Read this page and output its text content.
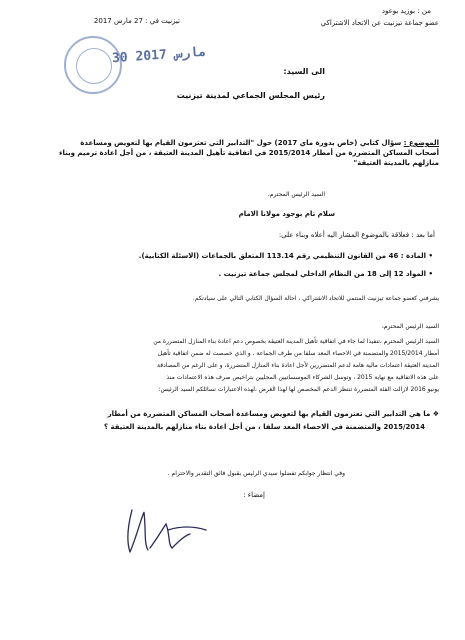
من : بوزيد بوعود
عضو جماعة تيزنيت عن الاتحاد الاشتراكي
تيزنيت في : 27 مارس 2017
30 مارس 2017
الى السيد:
رئيس المجلس الجماعي لمدينة تيزنيت
الموضوع : سؤال كتابي (خاص بدورة ماي 2017) حول "التدابير التي تعتزمون القيام بها لتعويض ومساعدة
أصحاب المساكن المتضررة من أمطار 2015/2014 في اتفاقية تأهيل المدينة العتيقة ، من أجل اعادة ترميم وبناء
منازلهم بالمدينة العتيقة"
السيد الرئيس المحترم،
سلام تام بوجود مولانا الامام
أما بعد : فعلاقة بالموضوع المشار اليه أعلاه وبناء على:
• المادة : 46 من القانون التنظيمي رقم 113.14 المتعلق بالجماعات (الاسئلة الكتابية).
• المواد 12 إلى 18 من النظام الداخلي لمجلس جماعة تيزنيت .
يشرفني كعضو جماعة تيزنيت المنتمي للاتحاد الاشتراكي ، احالة السؤال الكتابي التالي على سيادتكم.
السيد الرئيس المحترم،
السيد الرئيس المحترم ،تنفيذا لما جاء في اتفاقية تأهيل المدينة العتيقة بخصوص دعم اعادة بناء المنازل المتضررة من
أمطار 2015/2014 والمتضمنة في الاحصاء المعد سلفا من طرف الجماعة ، و الذي خصصت له ضمن اتفاقية تأهيل
المدينة العتيقة اعتمادات مالية هامة لدعم المتضررين لأجل اعادة بناء المنازل المتضررة، و على الرغم من المصادقة
على هذه الاتفاقية مع نهاية 2015 ، وتوسل الشركاء الموسساتيين المحليين بتراخيص صرف هذه الاعتمادات منذ
يونيو 2016 لازالت الفئة المتضررة تنتظر الدعم المخصص لها لهذا الغرض ،لهذه الاعتبارات نسائلكم السيد الرئيس:
❖ ما هي التدابير التي تعتزمون القيام بها لتعويض ومساعدة أصحاب المساكن المتضررة من أمطار
2015/2014 والمتضمنة في الاحصاء المعد سلفا ، من أجل اعادة بناء منازلهم بالمدينة العتيقة ؟
وفي انتظار جوابكم تفضلوا سيدي الرئيس بقبول فائق التقدير والاحترام .
إمضاء :
